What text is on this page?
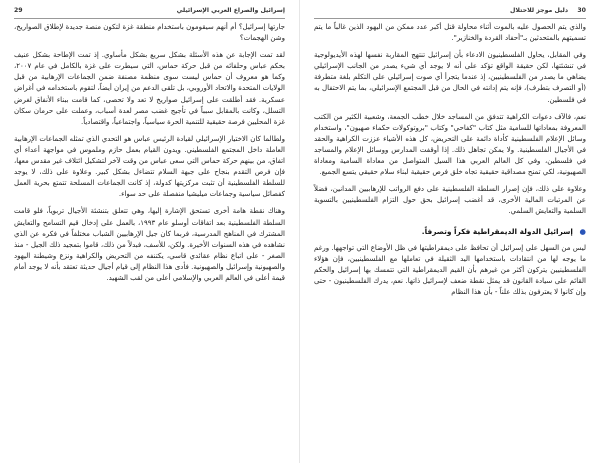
29	إسرائيل والصراع العربي الإسرائيلي

جارتها إسرائيل؟ أم أنهم سيقومون باستخدام منطقة غزة لتكون منصة جديدة لإطلاق الصواريخ، وشن الهجمات؟

لقد تمت الإجابة عن هذه الأسئلة بشكل سريع بشكل مأساوي. إذ تمت الإطاحة بشكل عنيف بحكم عباس وحلفائه من قبل حركة حماس، التي سيطرت على غزة بالكامل في عام ٢٠٠٧، وكما هو معروف أن حماس ليست سوى منظمة مصنفة ضمن الجماعات الإرهابية من قبل الولايات المتحدة والاتحاد الأوروبي، بل تلقى الدعم من إيران أيضاً، لتقوم باستخدامه في أغراض عسكرية. فقد أطلقت على إسرائيل صواريخ لا تعد ولا تحصى، كما قامت ببناء الأنفاق لغرض التسلل، وكانت بالمقابل سبباً في تأجيج غضب مصر لعدة أسباب، وعملت على حرمان سكان غزة المحليين فرصة حقيقية للتنمية الحرة سياسياً، واجتماعياً، واقتصادياً.

ولطالما كان الاختيار الإسرائيلي لقيادة الرئيس عباس هو التحدي الذي تمثله الجماعات الإرهابية العاملة داخل المجتمع الفلسطيني. ويدون القيام بعمل حازم وملموس في مواجهة أعداء أي اتفاق، من بينهم حركة حماس التي سعى عباس من وقت لآخر لتشكيل ائتلاف غير مقدس معها، فإن فرص التقدم بنجاح على جبهة السلام تتضاءل بشكل كبير. وعلاوة على ذلك، لا يوجد للسلطة الفلسطينية أن تثبت مركزيتها كدولة، إذ كانت الجماعات المسلحة تتمتع بحرية العمل كفصائل سياسية وجماعات ميليشيا منفصلة على حد سواء.

وهناك نقطة هامة أخرى تستحق الإشارة إليها، وهي تتعلق بتنشئة الأجيال تربوياً، فلو قامت السلطة الفلسطينية بعد اتفاقات أوسلو عام ١٩٩٣، بالعمل على إدخال قيم التسامح والتعايش المشترك في المناهج المدرسية، فربما كان جيل الإرهابيين الشباب مختلفاً في فكره عن الذي نشاهده في هذه السنوات الأخيرة. ولكن، للأسف، فبدلاً من ذلك، قاموا بتمجيد ذلك الجيل - منذ الصغر - على اتباع نظام عقائدي قاسي، يكتنفه من التحريض والكراهية ونزع وشيطنة اليهود والصهيونية وإسرائيل والصهيونية. فأدى هذا النظام إلى قيام أجيال حديثة تعتقد بأنه لا يوجد أمام قيمة أعلى في العالم العربي والإسلامي أعلى من لقب الشهيد.

30
دليل موجز للاحتلال

والذي يتم الحصول عليه بالموت أثناء محاولة قتل أكبر عدد ممكن من اليهود الذين غالباً ما يتم تسميتهم بالمتحدثين بـ"أحفاد القردة والخنازير".

وفي المقابل، يحاول الفلسطينيون الادعاء بأن إسرائيل تنتهج المقاربة نفسها لهذه الأيديولوجية في تنشئتها، لكن حقيقة الواقع تؤكد على أنه لا يوجد أي شيء يصدر من الجانب الإسرائيلي يضاهي ما يصدر من الفلسطينيين، إذ عندما يتجرأ أي صوت إسرائيلي على التكلم بلغة متطرفة (أو التصرف بتطرف)، فإنه يتم إدانته في الحال من قبل المجتمع الإسرائيلي، بما يتم الاحتفال به في فلسطين.

نعم، فالآف دعوات الكراهية تتدفق من المساجد خلال خطب الجمعة، وشعبية الكثير من الكتب المعروفة بمعاداتها للسامية مثل كتاب "كفاحي" وكتاب "بروتوكولات حكماء صهيون"، واستخدام وسائل الإعلام الفلسطينية كأداة دائمة على التحريض، كل هذه الأشياء عززت الكراهية والحقد في الأجيال الفلسطينية. ولا يمكن تجاهل ذلك. إذا أوقفت المدارس ووسائل الإعلام والمساجد في فلسطين، وفي كل العالم العربي هذا السيل المتواصل من معاداة السامية ومعاداة الصهيونية، لكي تمنح مصداقية حقيقية تجاه خلق فرص حقيقية لبناء سلام حقيقي يتسع الجميع.

وعلاوة على ذلك، فإن إصرار السلطة الفلسطينية على دفع الرواتب للإرهابيين المدانين، فضلاً عن المرتبات المالية الأخرى، قد أغضب إسرائيل بحق حول التزام الفلسطينيين بالتسوية السلمية والتعايش السلمي.

● إسرائيل الدولة الديمقراطية فكراً وتصرفاً.

ليس من السهل على إسرائيل أن تحافظ على ديمقراطيتها في ظل الأوضاع التي تواجهها. ورغم ما يوجه لها من انتقادات باستخدامها اليد الثقيلة في تعاملها مع الفلسطينيين، فإن هؤلاء الفلسطينيين يتركون أكثر من غيرهم بأن القيم الديمقراطية التي تتمسك بها إسرائيل والحكم القائم على سيادة القانون قد يمثل نقطة ضعف لإسرائيل ذاتها. نعم، يدرك الفلسطينيون - حتى وإن كانوا لا يعترفون بذلك علناً - بأن هذا النظام
